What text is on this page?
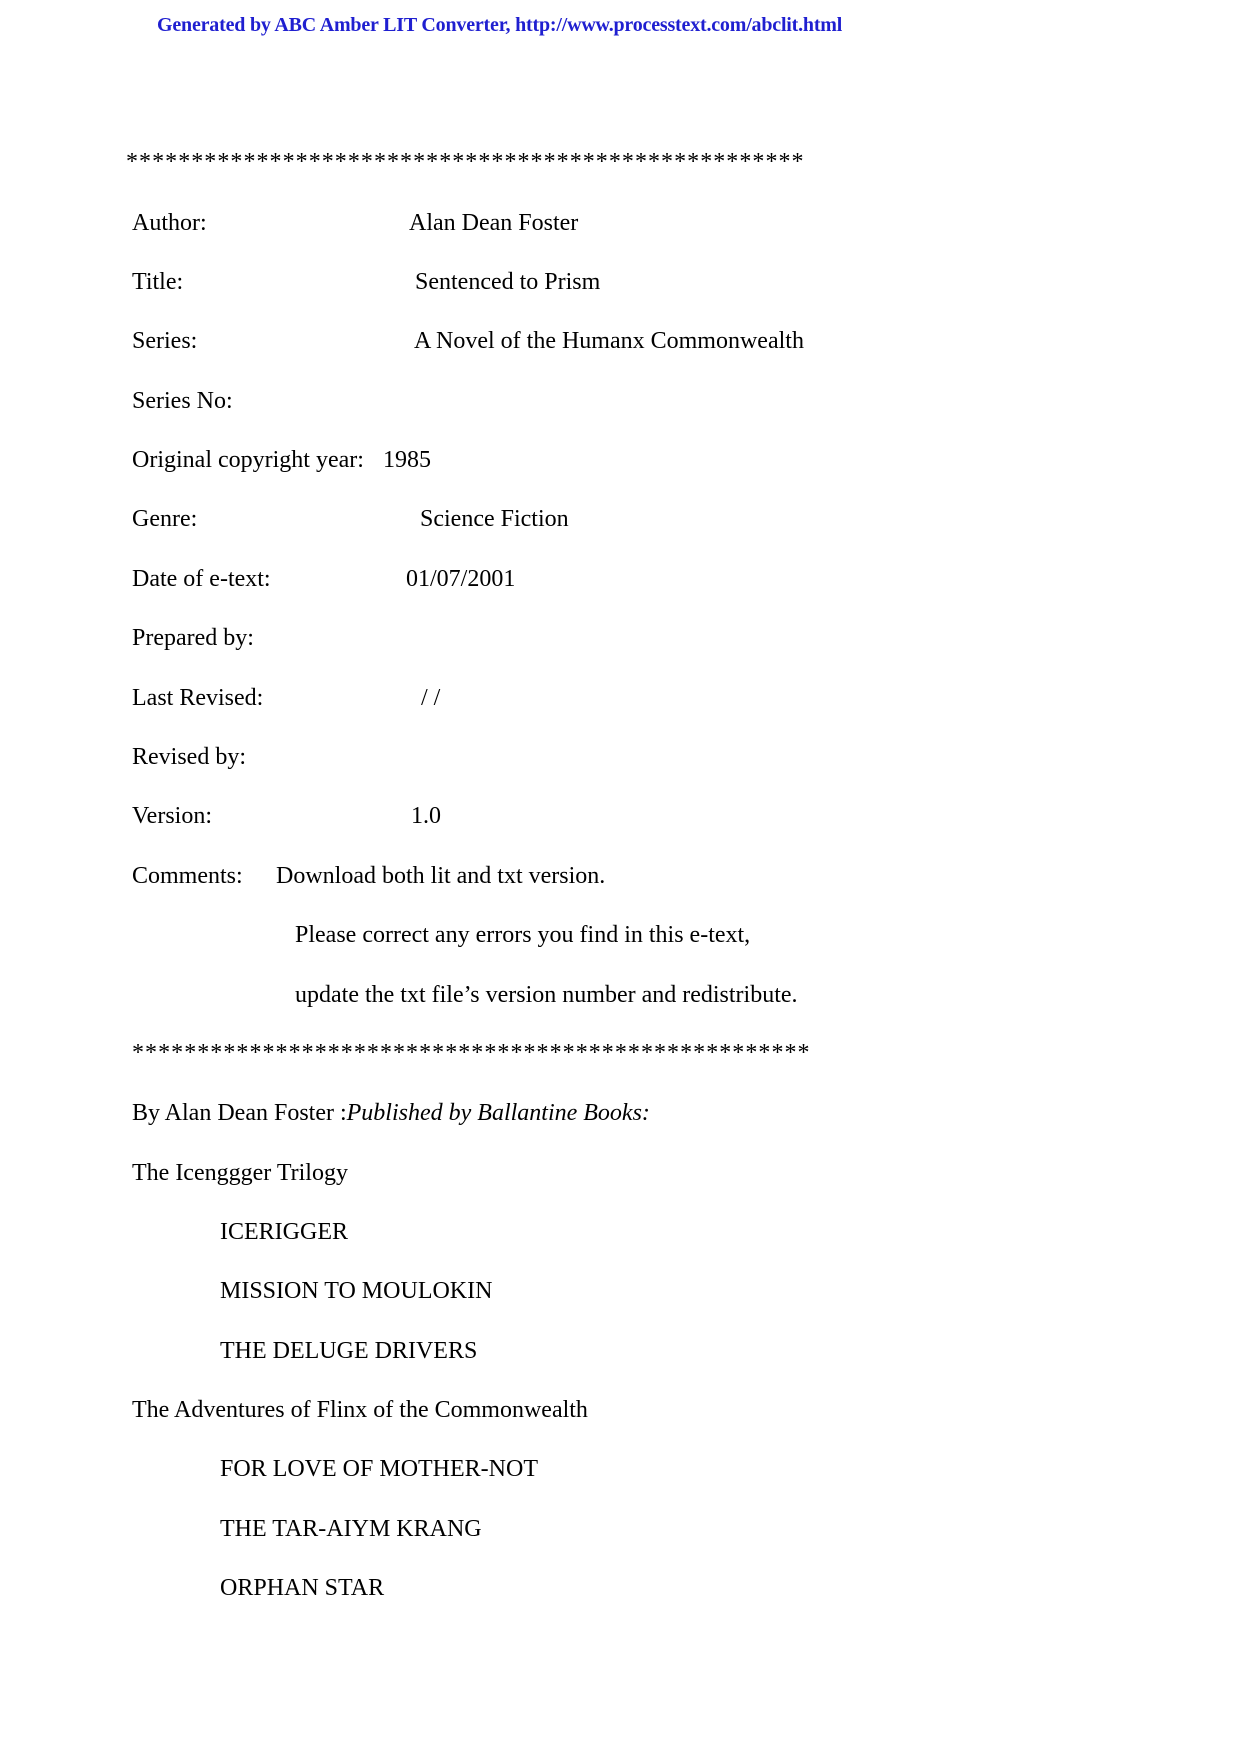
Generated by ABC Amber LIT Converter, http://www.processtext.com/abclit.html
****************************************************
Author:	Alan Dean Foster
Title:	Sentenced to Prism
Series:	A Novel of the Humanx Commonwealth
Series No:
Original copyright year: 1985
Genre:	Science Fiction
Date of e-text:	01/07/2001
Prepared by:
Last Revised:	/ /
Revised by:
Version:	1.0
Comments: Download both lit and txt version.
Please correct any errors you find in this e-text,
update the txt file’s version number and redistribute.
****************************************************
By Alan Dean Foster :Published by Ballantine Books:
The Icenggger Trilogy
ICERIGGER
MISSION TO MOULOKIN
THE DELUGE DRIVERS
The Adventures of Flinx of the Commonwealth
FOR LOVE OF MOTHER-NOT
THE TAR-AIYM KRANG
ORPHAN STAR
